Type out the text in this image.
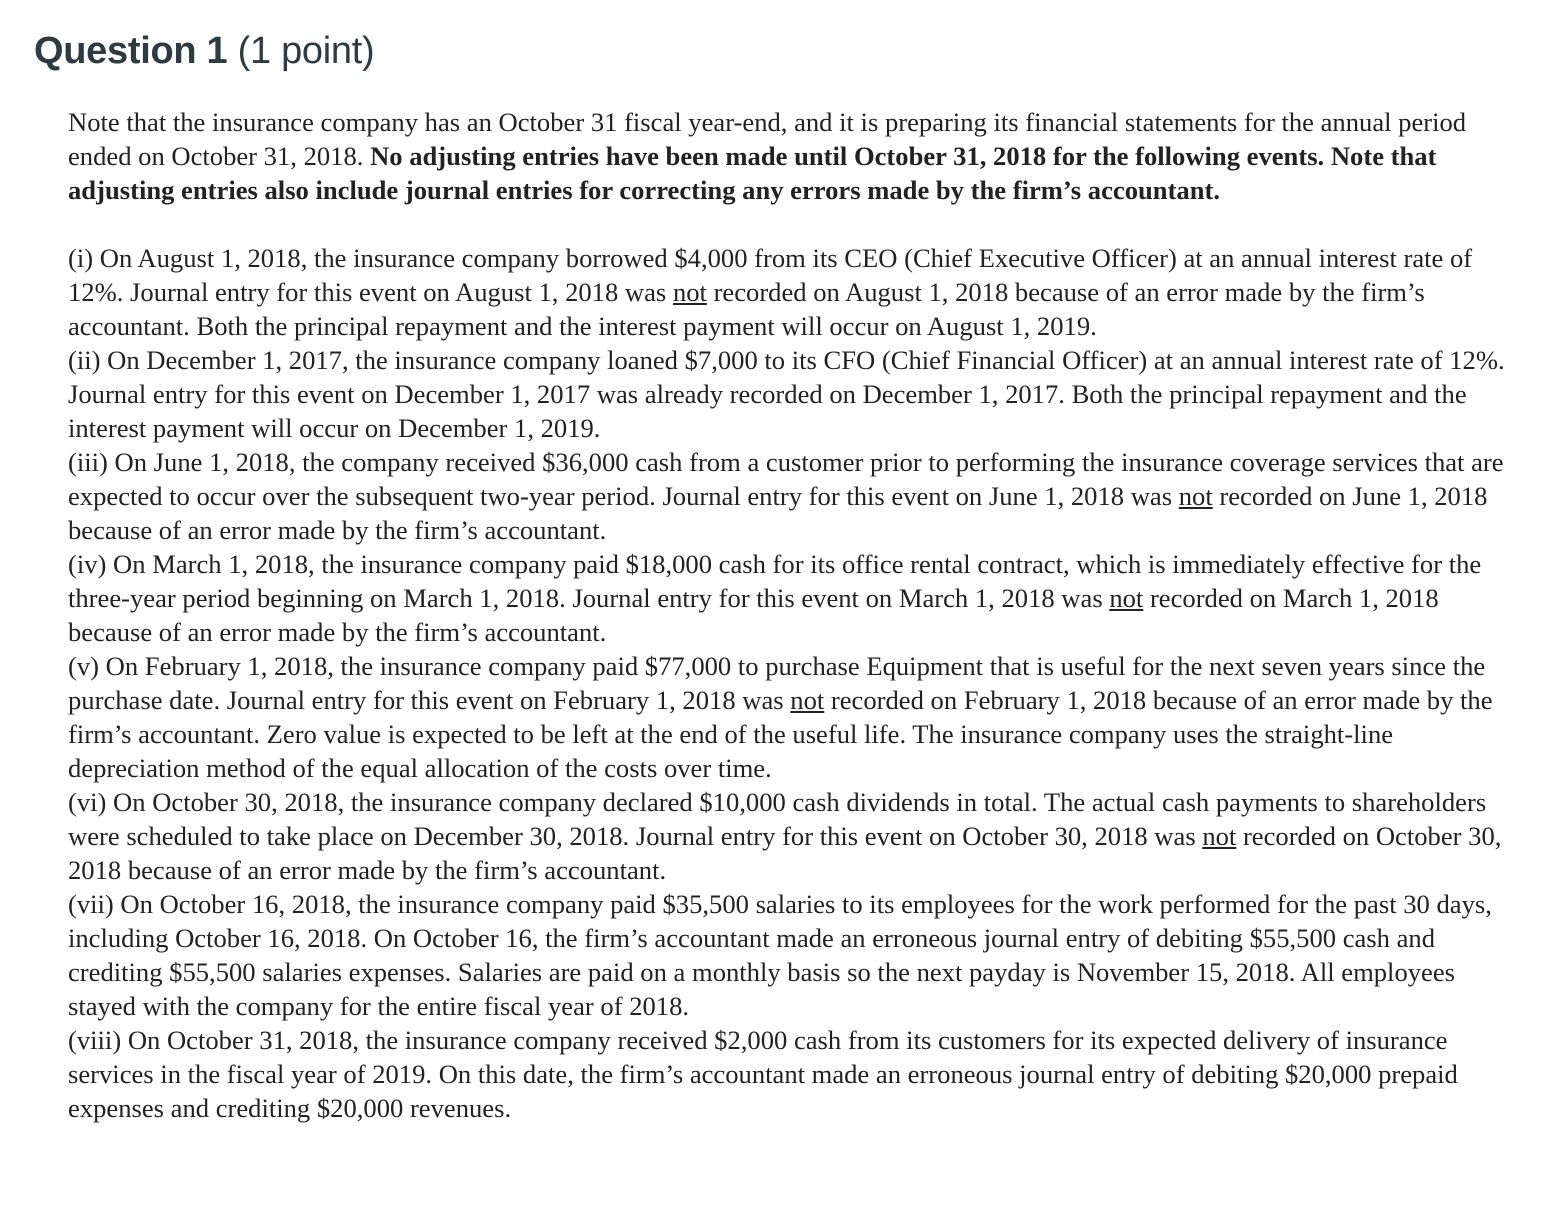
Question 1 (1 point)

Note that the insurance company has an October 31 fiscal year-end, and it is preparing its financial statements for the annual period ended on October 31, 2018. No adjusting entries have been made until October 31, 2018 for the following events. Note that adjusting entries also include journal entries for correcting any errors made by the firm’s accountant.

(i) On August 1, 2018, the insurance company borrowed $4,000 from its CEO (Chief Executive Officer) at an annual interest rate of 12%. Journal entry for this event on August 1, 2018 was not recorded on August 1, 2018 because of an error made by the firm’s accountant. Both the principal repayment and the interest payment will occur on August 1, 2019.

(ii) On December 1, 2017, the insurance company loaned $7,000 to its CFO (Chief Financial Officer) at an annual interest rate of 12%. Journal entry for this event on December 1, 2017 was already recorded on December 1, 2017. Both the principal repayment and the interest payment will occur on December 1, 2019.

(iii) On June 1, 2018, the company received $36,000 cash from a customer prior to performing the insurance coverage services that are expected to occur over the subsequent two-year period. Journal entry for this event on June 1, 2018 was not recorded on June 1, 2018 because of an error made by the firm’s accountant.

(iv) On March 1, 2018, the insurance company paid $18,000 cash for its office rental contract, which is immediately effective for the three-year period beginning on March 1, 2018. Journal entry for this event on March 1, 2018 was not recorded on March 1, 2018 because of an error made by the firm’s accountant.

(v) On February 1, 2018, the insurance company paid $77,000 to purchase Equipment that is useful for the next seven years since the purchase date. Journal entry for this event on February 1, 2018 was not recorded on February 1, 2018 because of an error made by the firm’s accountant. Zero value is expected to be left at the end of the useful life. The insurance company uses the straight-line depreciation method of the equal allocation of the costs over time.

(vi) On October 30, 2018, the insurance company declared $10,000 cash dividends in total. The actual cash payments to shareholders were scheduled to take place on December 30, 2018. Journal entry for this event on October 30, 2018 was not recorded on October 30, 2018 because of an error made by the firm’s accountant.

(vii) On October 16, 2018, the insurance company paid $35,500 salaries to its employees for the work performed for the past 30 days, including October 16, 2018. On October 16, the firm’s accountant made an erroneous journal entry of debiting $55,500 cash and crediting $55,500 salaries expenses. Salaries are paid on a monthly basis so the next payday is November 15, 2018. All employees stayed with the company for the entire fiscal year of 2018.

(viii) On October 31, 2018, the insurance company received $2,000 cash from its customers for its expected delivery of insurance services in the fiscal year of 2019. On this date, the firm’s accountant made an erroneous journal entry of debiting $20,000 prepaid expenses and crediting $20,000 revenues.
